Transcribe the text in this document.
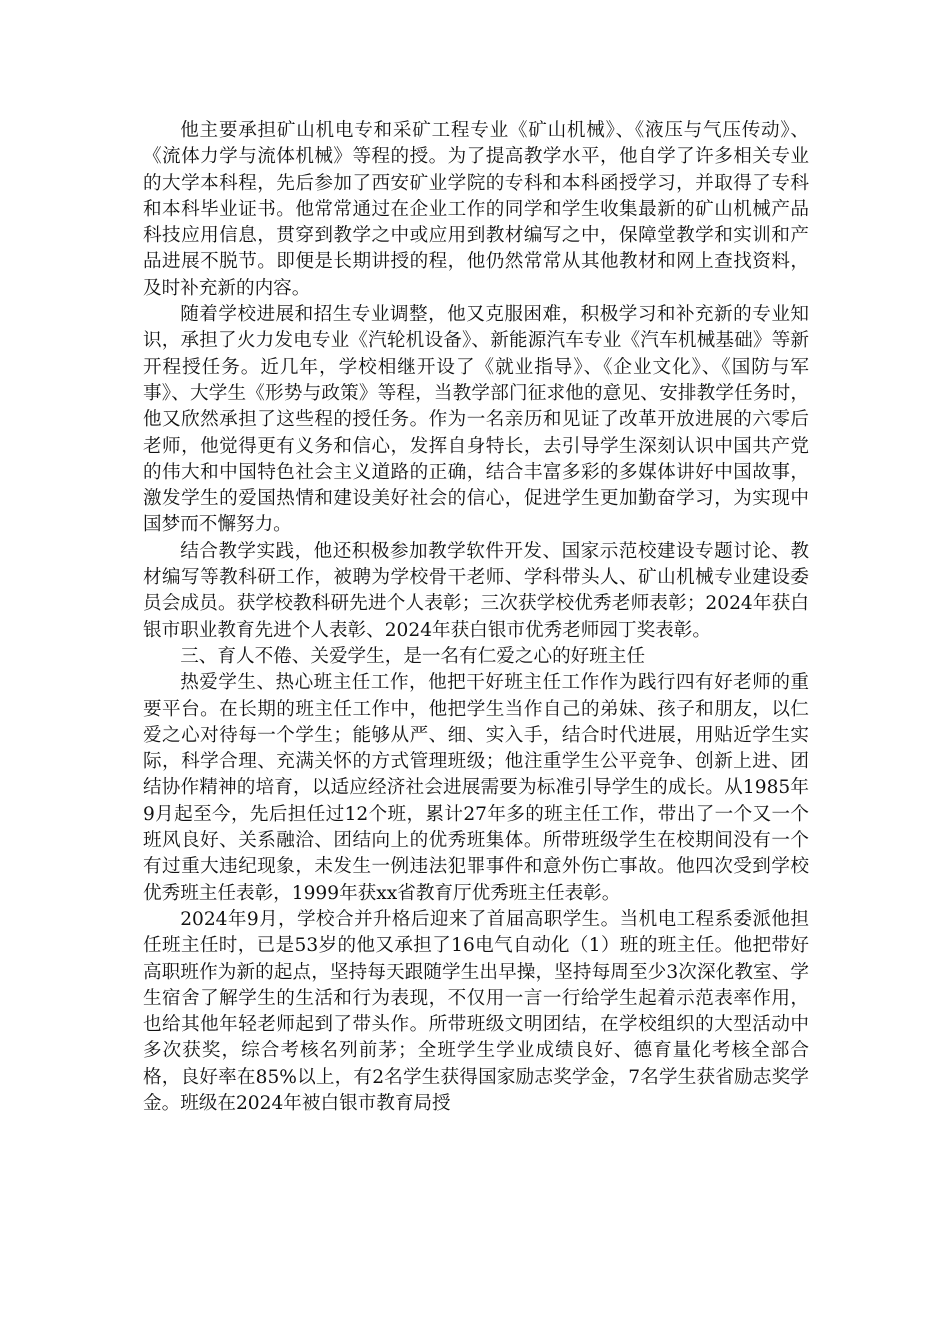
他主要承担矿山机电专和采矿工程专业《矿山机械》、《液压与气压传动》、《流体力学与流体机械》等程的授。为了提高教学水平，他自学了许多相关专业的大学本科程，先后参加了西安矿业学院的专科和本科函授学习，并取得了专科和本科毕业证书。他常常通过在企业工作的同学和学生收集最新的矿山机械产品科技应用信息，贯穿到教学之中或应用到教材编写之中，保障堂教学和实训和产品进展不脱节。即便是长期讲授的程，他仍然常常从其他教材和网上查找资料，及时补充新的内容。

随着学校进展和招生专业调整，他又克服困难，积极学习和补充新的专业知识，承担了火力发电专业《汽轮机设备》、新能源汽车专业《汽车机械基础》等新开程授任务。近几年，学校相继开设了《就业指导》、《企业文化》、《国防与军事》、大学生《形势与政策》等程，当教学部门征求他的意见、安排教学任务时，他又欣然承担了这些程的授任务。作为一名亲历和见证了改革开放进展的六零后老师，他觉得更有义务和信心，发挥自身特长，去引导学生深刻认识中国共产党的伟大和中国特色社会主义道路的正确，结合丰富多彩的多媒体讲好中国故事，激发学生的爱国热情和建设美好社会的信心，促进学生更加勤奋学习，为实现中国梦而不懈努力。

结合教学实践，他还积极参加教学软件开发、国家示范校建设专题讨论、教材编写等教科研工作，被聘为学校骨干老师、学科带头人、矿山机械专业建设委员会成员。获学校教科研先进个人表彰；三次获学校优秀老师表彰；2024年获白银市职业教育先进个人表彰、2024年获白银市优秀老师园丁奖表彰。

三、育人不倦、关爱学生，是一名有仁爱之心的好班主任

热爱学生、热心班主任工作，他把干好班主任工作作为践行四有好老师的重要平台。在长期的班主任工作中，他把学生当作自己的弟妹、孩子和朋友，以仁爱之心对待每一个学生；能够从严、细、实入手，结合时代进展，用贴近学生实际，科学合理、充满关怀的方式管理班级；他注重学生公平竞争、创新上进、团结协作精神的培育，以适应经济社会进展需要为标准引导学生的成长。从1985年9月起至今，先后担任过12个班，累计27年多的班主任工作，带出了一个又一个班风良好、关系融洽、团结向上的优秀班集体。所带班级学生在校期间没有一个有过重大违纪现象，未发生一例违法犯罪事件和意外伤亡事故。他四次受到学校优秀班主任表彰，1999年获xx省教育厅优秀班主任表彰。

2024年9月，学校合并升格后迎来了首届高职学生。当机电工程系委派他担任班主任时，已是53岁的他又承担了16电气自动化（1）班的班主任。他把带好高职班作为新的起点，坚持每天跟随学生出早操，坚持每周至少3次深化教室、学生宿舍了解学生的生活和行为表现，不仅用一言一行给学生起着示范表率作用，也给其他年轻老师起到了带头作。所带班级文明团结，在学校组织的大型活动中多次获奖，综合考核名列前茅；全班学生学业成绩良好、德育量化考核全部合格，良好率在85%以上，有2名学生获得国家励志奖学金，7名学生获省励志奖学金。班级在2024年被白银市教育局授
